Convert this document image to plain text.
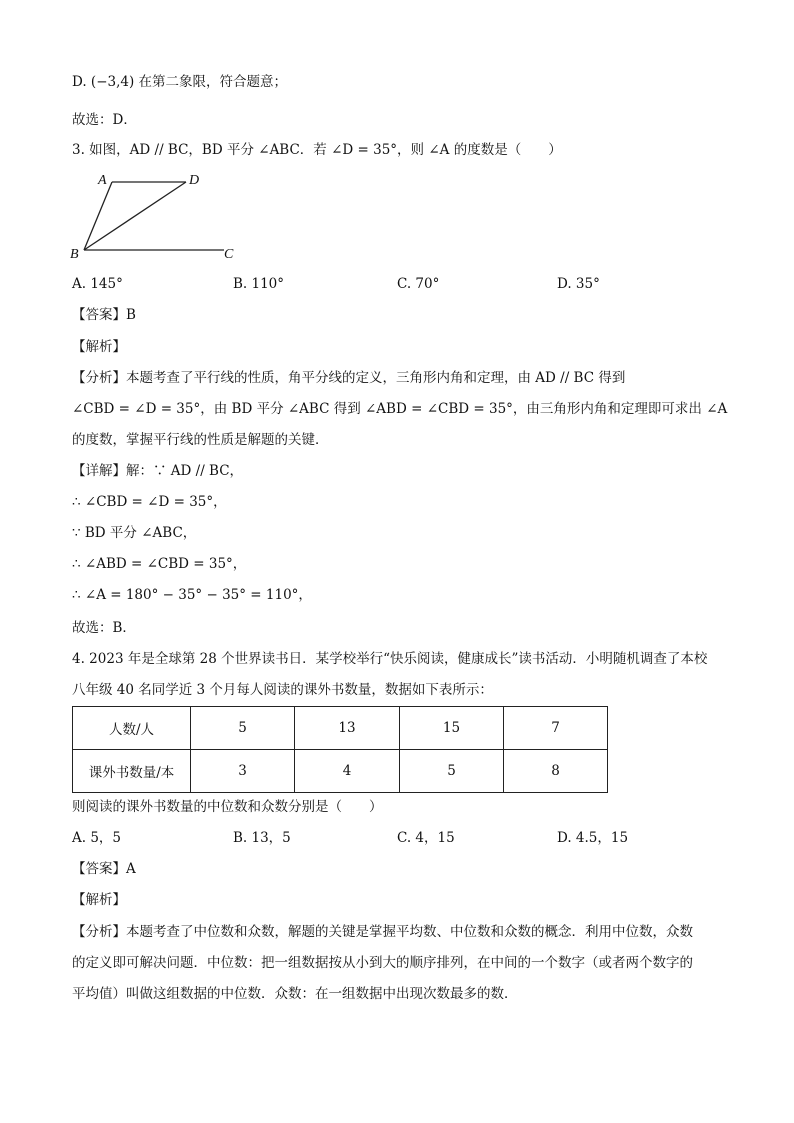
D. (−3,4) 在第二象限，符合题意；
故选：D．
3. 如图，AD // BC，BD 平分 ∠ABC．若 ∠D = 35°，则 ∠A 的度数是（　　）
A	D
B	C
A. 145°	B. 110°	C. 70°	D. 35°
【答案】B
【解析】
【分析】本题考查了平行线的性质，角平分线的定义，三角形内角和定理，由 AD // BC 得到
∠CBD = ∠D = 35°，由 BD 平分 ∠ABC 得到 ∠ABD = ∠CBD = 35°，由三角形内角和定理即可求出 ∠A
的度数，掌握平行线的性质是解题的关键．
【详解】解：∵ AD // BC，
∴ ∠CBD = ∠D = 35°，
∵ BD 平分 ∠ABC，
∴ ∠ABD = ∠CBD = 35°，
∴ ∠A = 180° − 35° − 35° = 110°，
故选：B．
4. 2023 年是全球第 28 个世界读书日．某学校举行“快乐阅读，健康成长”读书活动．小明随机调查了本校
八年级 40 名同学近 3 个月每人阅读的课外书数量，数据如下表所示：
人数/人	5	13	15	7
课外书数量/本	3	4	5	8
则阅读的课外书数量的中位数和众数分别是（　　）
A. 5，5	B. 13，5	C. 4，15	D. 4.5，15
【答案】A
【解析】
【分析】本题考查了中位数和众数，解题的关键是掌握平均数、中位数和众数的概念．利用中位数，众数
的定义即可解决问题．中位数：把一组数据按从小到大的顺序排列，在中间的一个数字（或者两个数字的
平均值）叫做这组数据的中位数．众数：在一组数据中出现次数最多的数．
